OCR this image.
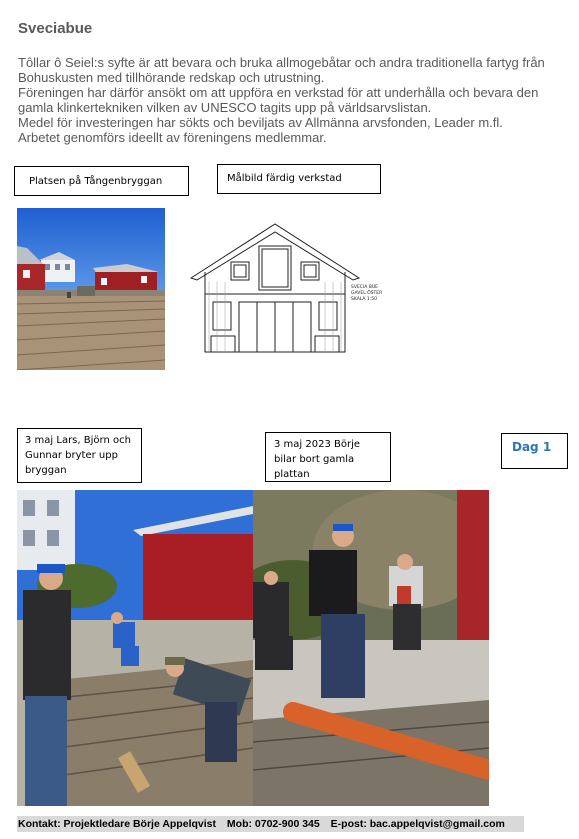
Sveciabue

Tôllar ô Seiel:s syfte är att bevara och bruka allmogebåtar och andra traditionella fartyg från Bohuskusten med tillhörande redskap och utrustning.

Föreningen har därför ansökt om att uppföra en verkstad för att underhålla och bevara den gamla klinkertekniken vilken av UNESCO tagits upp på världsarvslistan.

Medel för investeringen har sökts och beviljats av Allmänna arvsfonden, Leader m.fl.

Arbetet genomförs ideellt av föreningens medlemmar.

Platsen på Tångenbryggan	Målbild färdig verkstad
SVECIA BUE GAVEL ÖSTER SKALA 1:50
3 maj Lars, Björn och Gunnar bryter upp bryggan
3 maj 2023 Börje bilar bort gamla plattan
Dag 1
Kontakt: Projektledare Börje Appelqvist Mob: 0702-900 345 E-post: bac.appelqvist@gmail.com
